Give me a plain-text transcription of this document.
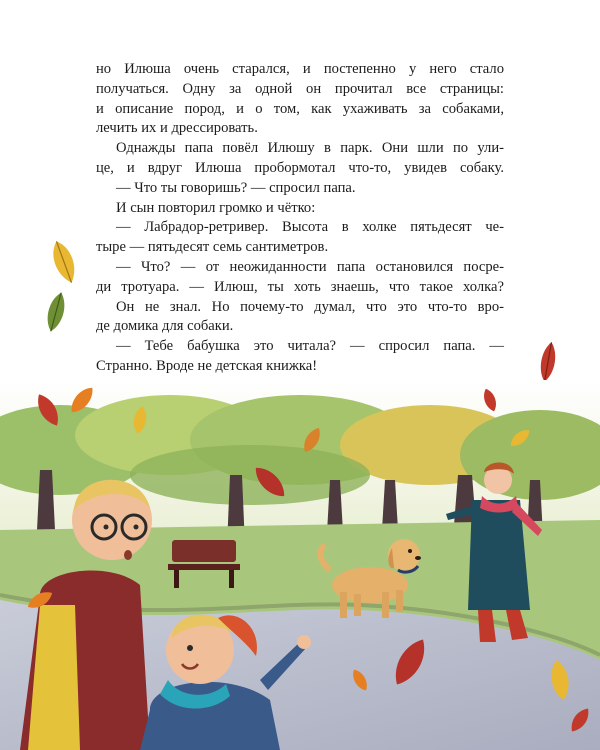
но Илюша очень старался, и постепенно у него стало
получаться. Одну за одной он прочитал все страницы:
и описание пород, и о том, как ухаживать за собаками,
лечить их и дрессировать.
Однажды папа повёл Илюшу в парк. Они шли по ули-
це, и вдруг Илюша пробормотал что-то, увидев собаку.
— Что ты говоришь? — спросил папа.
И сын повторил громко и чётко:
— Лабрадор-ретривер. Высота в холке пятьдесят че-
тыре — пятьдесят семь сантиметров.
— Что? — от неожиданности папа остановился посре-
ди тротуара. — Илюш, ты хоть знаешь, что такое холка?
Он не знал. Но почему-то думал, что это что-то вро-
де домика для собаки.
— Тебе бабушка это читала? — спросил папа. —
Странно. Вроде не детская книжка!
